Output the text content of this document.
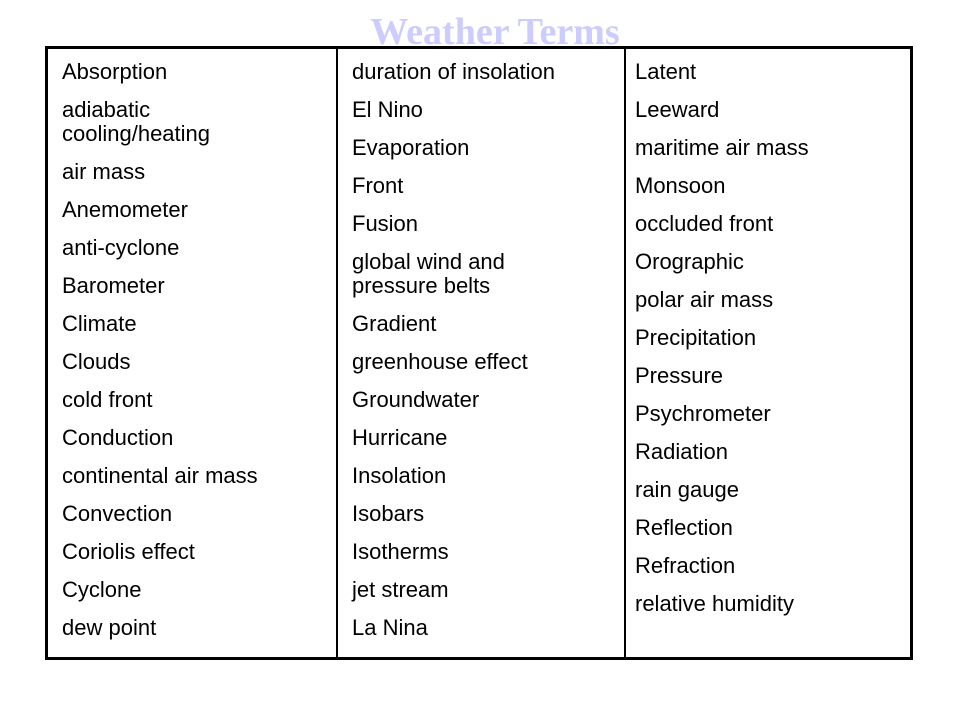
Weather Terms
Absorption
adiabatic cooling/heating
air mass
Anemometer
anti-cyclone
Barometer
Climate
Clouds
cold front
Conduction
continental air mass
Convection
Coriolis effect
Cyclone
dew point
duration of insolation
El Nino
Evaporation
Front
Fusion
global wind and pressure belts
Gradient
greenhouse effect
Groundwater
Hurricane
Insolation
Isobars
Isotherms
jet stream
La Nina
Latent
Leeward
maritime air mass
Monsoon
occluded front
Orographic
polar air mass
Precipitation
Pressure
Psychrometer
Radiation
rain gauge
Reflection
Refraction
relative humidity
